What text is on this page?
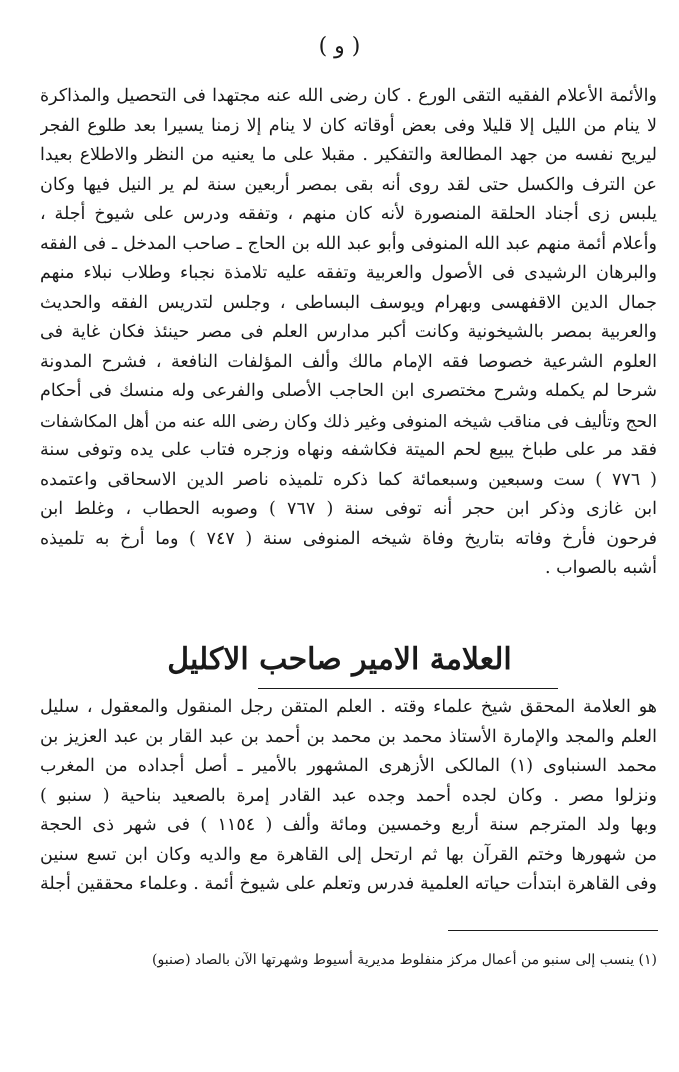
( و )
والأئمة الأعلام الفقيه التقى الورع . كان رضى الله عنه مجتهدا فى التحصيل والمذاكرة
لا ينام من الليل إلا قليلا وفى بعض أوقاته كان لا ينام إلا زمنا يسيرا بعد طلوع الفجر
ليريح نفسه من جهد المطالعة والتفكير . مقبلا على ما يعنيه من النظر والاطلاع بعيدا
عن الترف والكسل حتى لقد روى أنه بقى بمصر أربعين سنة لم ير النيل فيها وكان
يلبس زى أجناد الحلقة المنصورة لأنه كان منهم ، وتفقه ودرس على شيوخ أجلة ،
وأعلام أئمة منهم عبد الله المنوفى وأبو عبد الله بن الحاج ـ صاحب المدخل ـ فى الفقه
والبرهان الرشيدى فى الأصول والعربية وتفقه عليه تلامذة نجباء وطلاب نبلاء منهم
جمال الدين الاقفهسى وبهرام ويوسف البساطى ، وجلس لتدريس الفقه والحديث
والعربية بمصر بالشيخونية وكانت أكبر مدارس العلم فى مصر حينئذ فكان غاية فى
العلوم الشرعية خصوصا فقه الإمام مالك وألف المؤلفات النافعة ، فشرح المدونة
شرحا لم يكمله وشرح مختصرى ابن الحاجب الأصلى والفرعى وله منسك فى أحكام
الحج وتأليف فى مناقب شيخه المنوفى وغير ذلك وكان رضى الله عنه من أهل المكاشفات
فقد مر على طباخ يبيع لحم الميتة فكاشفه ونهاه وزجره فتاب على يده وتوفى سنة
( ٧٧٦ ) ست وسبعين وسبعمائة كما ذكره تلميذه ناصر الدين الاسحاقى واعتمده
ابن غازى وذكر ابن حجر أنه توفى سنة ( ٧٦٧ ) وصوبه الحطاب ، وغلط ابن
فرحون فأرخ وفاته بتاريخ وفاة شيخه المنوفى سنة ( ٧٤٧ ) وما أرخ به تلميذه
أشبه بالصواب .
العلامة الامير صاحب الاكليل
هو العلامة المحقق شيخ علماء وقته . العلم المتقن رجل المنقول والمعقول ، سليل
العلم والمجد والإمارة الأستاذ محمد بن محمد بن أحمد بن عبد القار بن عبد العزيز بن
محمد السنباوى (١) المالكى الأزهرى المشهور بالأمير ـ أصل أجداده من المغرب
ونزلوا مصر . وكان لجده أحمد وجده عبد القادر إمرة بالصعيد بناحية ( سنبو )
وبها ولد المترجم سنة أربع وخمسين ومائة وألف ( ١١٥٤ ) فى شهر ذى الحجة
من شهورها وختم القرآن بها ثم ارتحل إلى القاهرة مع والديه وكان ابن تسع سنين
وفى القاهرة ابتدأت حياته العلمية فدرس وتعلم على شيوخ أئمة . وعلماء محققين أجلة
(١) ينسب إلى سنبو من أعمال مركز منفلوط مديرية أسيوط وشهرتها الآن بالصاد (صنبو)
